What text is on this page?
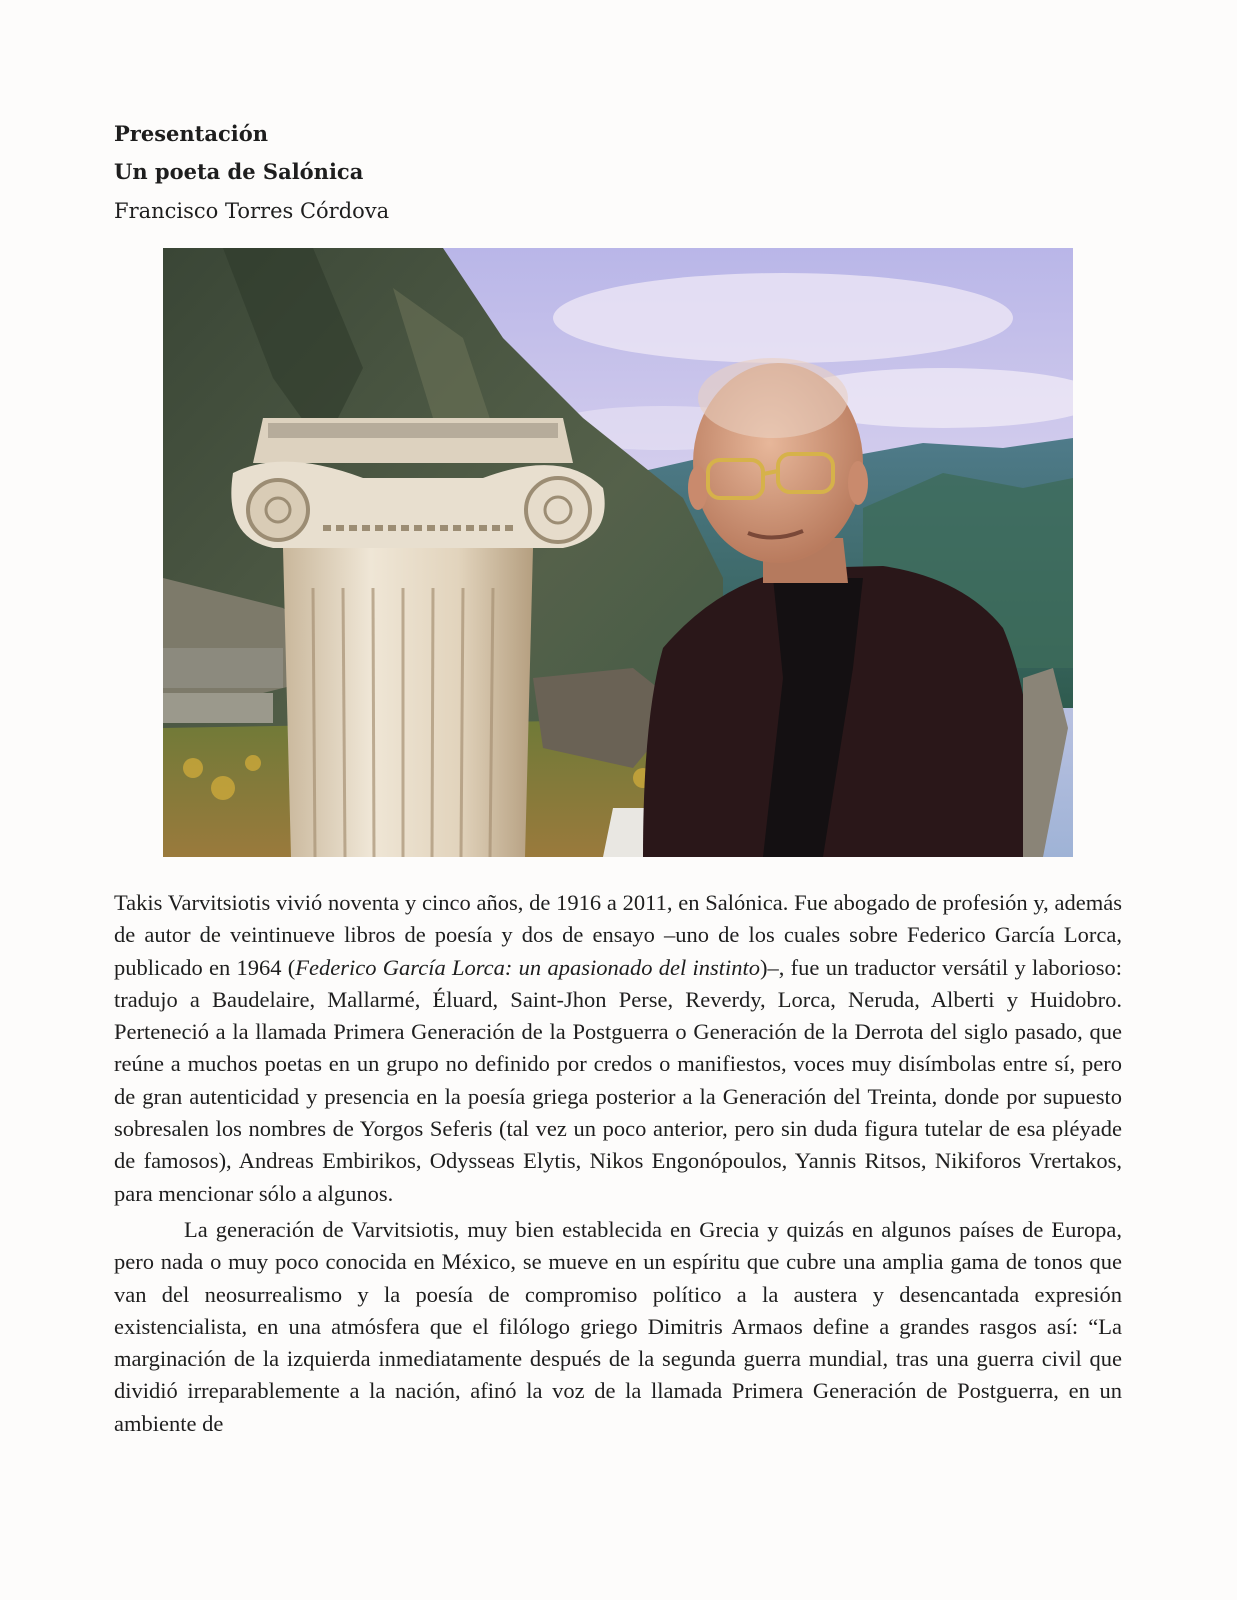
Presentación
Un poeta de Salónica
Francisco Torres Córdova

Takis Varvitsiotis vivió noventa y cinco años, de 1916 a 2011, en Salónica. Fue abogado de profesión y, además de autor de veintinueve libros de poesía y dos de ensayo –uno de los cuales sobre Federico García Lorca, publicado en 1964 (Federico García Lorca: un apasionado del instinto)–, fue un traductor versátil y laborioso: tradujo a Baudelaire, Mallarmé, Éluard, Saint-Jhon Perse, Reverdy, Lorca, Neruda, Alberti y Huidobro. Perteneció a la llamada Primera Generación de la Postguerra o Generación de la Derrota del siglo pasado, que reúne a muchos poetas en un grupo no definido por credos o manifiestos, voces muy disímbolas entre sí, pero de gran autenticidad y presencia en la poesía griega posterior a la Generación del Treinta, donde por supuesto sobresalen los nombres de Yorgos Seferis (tal vez un poco anterior, pero sin duda figura tutelar de esa pléyade de famosos), Andreas Embirikos, Odysseas Elytis, Nikos Engonópoulos, Yannis Ritsos, Nikiforos Vrertakos, para mencionar sólo a algunos.

La generación de Varvitsiotis, muy bien establecida en Grecia y quizás en algunos países de Europa, pero nada o muy poco conocida en México, se mueve en un espíritu que cubre una amplia gama de tonos que van del neosurrealismo y la poesía de compromiso político a la austera y desencantada expresión existencialista, en una atmósfera que el filólogo griego Dimitris Armaos define a grandes rasgos así: “La marginación de la izquierda inmediatamente después de la segunda guerra mundial, tras una guerra civil que dividió irreparablemente a la nación, afinó la voz de la llamada Primera Generación de Postguerra, en un ambiente de
